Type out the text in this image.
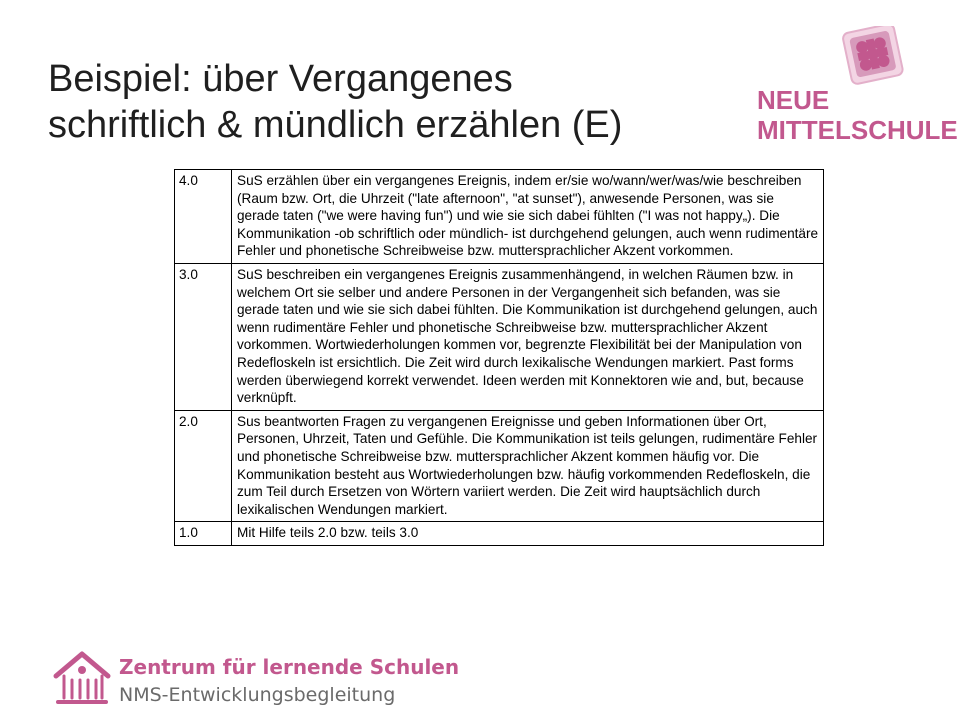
Beispiel: über Vergangenes
schriftlich & mündlich erzählen (E)
NEUE
MITTELSCHULE
4.0	SuS erzählen über ein vergangenes Ereignis, indem er/sie wo/wann/wer/was/wie beschreiben (Raum bzw. Ort, die Uhrzeit ("late afternoon", "at sunset"), anwesende Personen, was sie gerade taten ("we were having fun") und wie sie sich dabei fühlten ("I was not happy„). Die Kommunikation -ob schriftlich oder mündlich- ist durchgehend gelungen, auch wenn rudimentäre Fehler und phonetische Schreibweise bzw. muttersprachlicher Akzent vorkommen.
3.0	SuS beschreiben ein vergangenes Ereignis zusammenhängend, in welchen Räumen bzw. in welchem Ort sie selber und andere Personen in der Vergangenheit sich befanden, was sie gerade taten und wie sie sich dabei fühlten. Die Kommunikation ist durchgehend gelungen, auch wenn rudimentäre Fehler und phonetische Schreibweise bzw. muttersprachlicher Akzent vorkommen. Wortwiederholungen kommen vor, begrenzte Flexibilität bei der Manipulation von Redefloskeln ist ersichtlich. Die Zeit wird durch lexikalische Wendungen markiert. Past forms werden überwiegend korrekt verwendet. Ideen werden mit Konnektoren wie and, but, because verknüpft.
2.0	Sus beantworten Fragen zu vergangenen Ereignisse und geben Informationen über Ort, Personen, Uhrzeit, Taten und Gefühle. Die Kommunikation ist teils gelungen, rudimentäre Fehler und phonetische Schreibweise bzw. muttersprachlicher Akzent kommen häufig vor. Die Kommunikation besteht aus Wortwiederholungen bzw. häufig vorkommenden Redefloskeln, die zum Teil durch Ersetzen von Wörtern variiert werden. Die Zeit wird hauptsächlich durch lexikalischen Wendungen markiert.
1.0	Mit Hilfe teils 2.0 bzw. teils 3.0
Zentrum für lernende Schulen
NMS-Entwicklungsbegleitung
